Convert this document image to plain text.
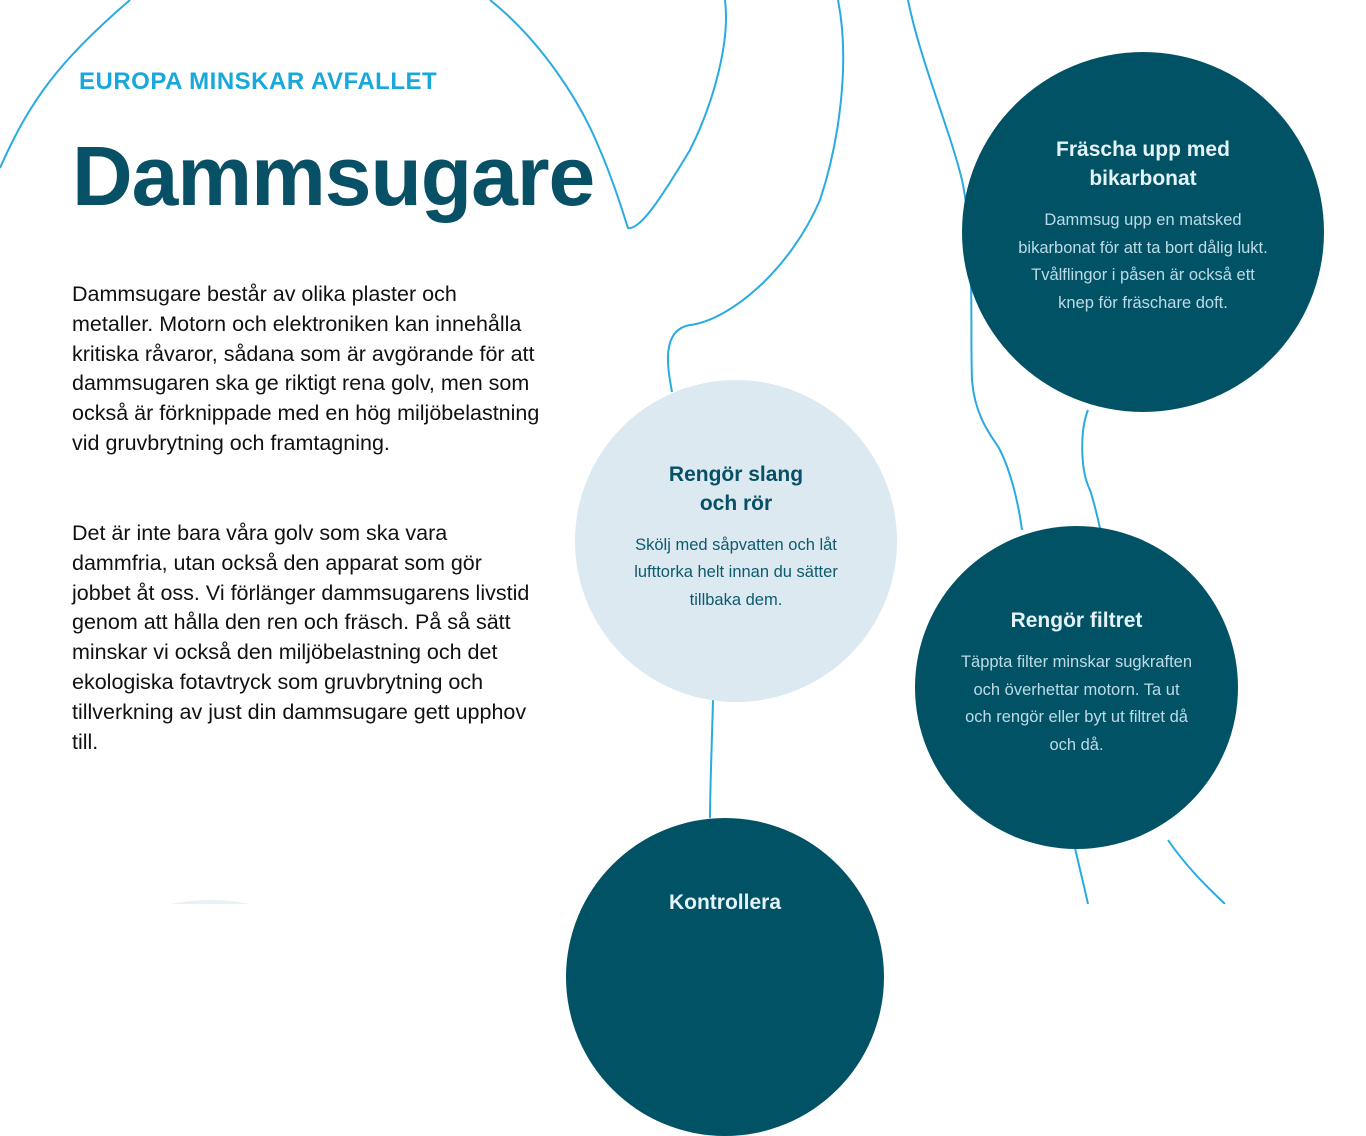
EUROPA MINSKAR AVFALLET

Dammsugare

Dammsugare består av olika plaster och metaller. Motorn och elektroniken kan innehålla kritiska råvaror, sådana som är avgörande för att dammsugaren ska ge riktigt rena golv, men som också är förknippade med en hög miljöbelastning vid gruvbrytning och framtagning.

Det är inte bara våra golv som ska vara dammfria, utan också den apparat som gör jobbet åt oss. Vi förlänger dammsugarens livstid genom att hålla den ren och fräsch. På så sätt minskar vi också den miljöbelastning och det ekologiska fotavtryck som gruvbrytning och tillverkning av just din dammsugare gett upphov till.

Fräscha upp med bikarbonat

Dammsug upp en matsked bikarbonat för att ta bort dålig lukt. Tvålflingor i påsen är också ett knep för fräschare doft.

Rengör slang och rör

Skölj med såpvatten och låt lufttorka helt innan du sätter tillbaka dem.

Rengör filtret

Täppta filter minskar sugkraften och överhettar motorn. Ta ut och rengör eller byt ut filtret då och då.

Kontrollera
